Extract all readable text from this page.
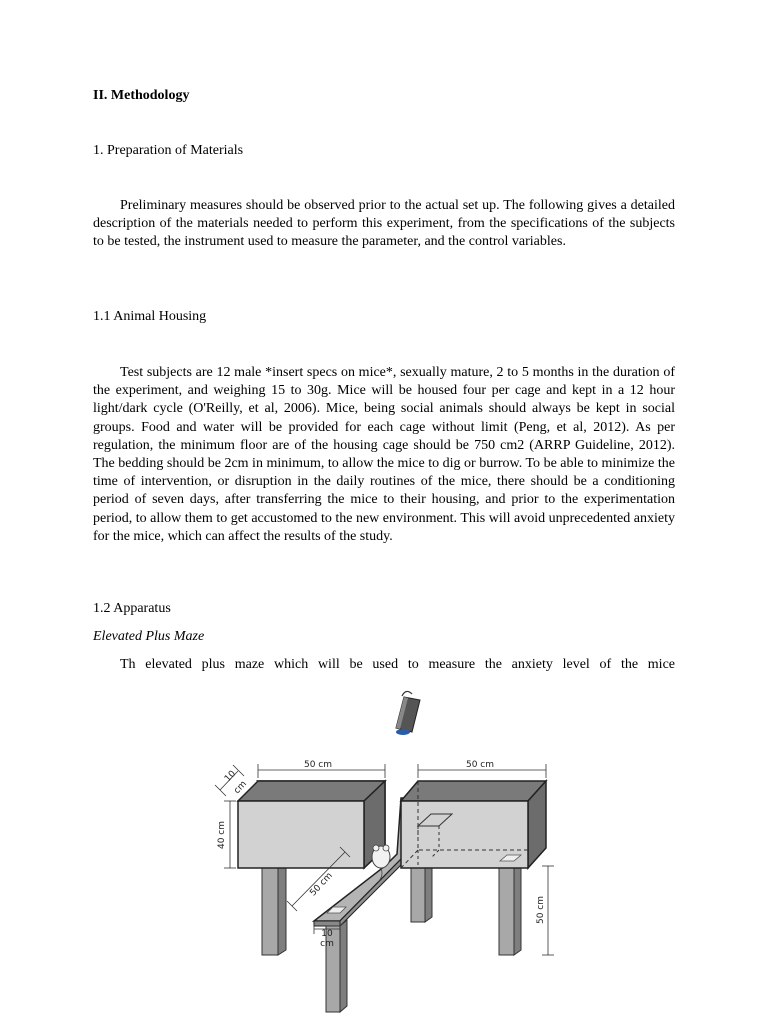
II. Methodology

1. Preparation of Materials

Preliminary measures should be observed prior to the actual set up. The following gives a detailed description of the materials needed to perform this experiment, from the specifications of the subjects to be tested, the instrument used to measure the parameter, and the control variables.

1.1 Animal Housing

Test subjects are 12 male *insert specs on mice*, sexually mature, 2 to 5 months in the duration of the experiment, and weighing 15 to 30g. Mice will be housed four per cage and kept in a 12 hour light/dark cycle (O'Reilly, et al, 2006). Mice, being social animals should always be kept in social groups. Food and water will be provided for each cage without limit (Peng, et al, 2012). As per regulation, the minimum floor are of the housing cage should be 750 cm2 (ARRP Guideline, 2012). The bedding should be 2cm in minimum, to allow the mice to dig or burrow. To be able to minimize the time of intervention, or disruption in the daily routines of the mice, there should be a conditioning period of seven days, after transferring the mice to their housing, and prior to the experimentation period, to allow them to get accustomed to the new environment. This will avoid unprecedented anxiety for the mice, which can affect the results of the study.

1.2 Apparatus

Elevated Plus Maze

Th elevated plus maze which will be used to measure the anxiety level of the mice

50 cm	50 cm
10
cm
40 cm
50 cm
10
cm
50 cm
